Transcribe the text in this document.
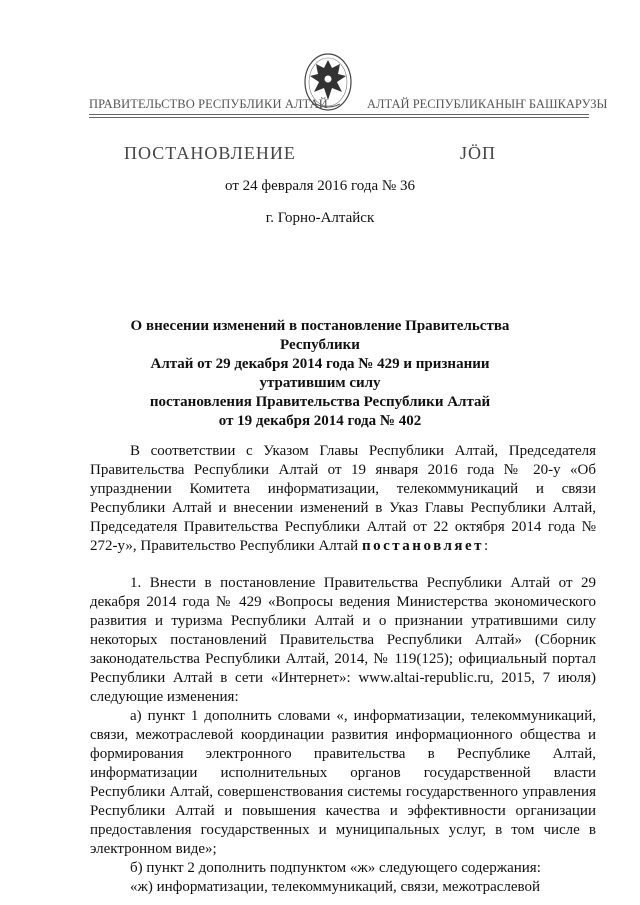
ПРАВИТЕЛЬСТВО РЕСПУБЛИКИ АЛТАЙ	АЛТАЙ РЕСПУБЛИКАНЫҤ БАШКАРУЗЫ
ПОСТАНОВЛЕНИЕ	JÖП
от 24 февраля 2016 года № 36
г. Горно-Алтайск
О внесении изменений в постановление Правительства Республики
Алтай от 29 декабря 2014 года № 429 и признании утратившим силу
постановления Правительства Республики Алтай
от 19 декабря 2014 года № 402

В соответствии с Указом Главы Республики Алтай, Председателя Правительства Республики Алтай от 19 января 2016 года № 20-у «Об упразднении Комитета информатизации, телекоммуникаций и связи Республики Алтай и внесении изменений в Указ Главы Республики Алтай, Председателя Правительства Республики Алтай от 22 октября 2014 года № 272-у», Правительство Республики Алтай постановляет:

1. Внести в постановление Правительства Республики Алтай от 29 декабря 2014 года № 429 «Вопросы ведения Министерства экономического развития и туризма Республики Алтай и о признании утратившими силу некоторых постановлений Правительства Республики Алтай» (Сборник законодательства Республики Алтай, 2014, № 119(125); официальный портал Республики Алтай в сети «Интернет»: www.altai-republic.ru, 2015, 7 июля) следующие изменения:

а) пункт 1 дополнить словами «, информатизации, телекоммуникаций, связи, межотраслевой координации развития информационного общества и формирования электронного правительства в Республике Алтай, информатизации исполнительных органов государственной власти Республики Алтай, совершенствования системы государственного управления Республики Алтай и повышения качества и эффективности организации предоставления государственных и муниципальных услуг, в том числе в электронном виде»;

б) пункт 2 дополнить подпунктом «ж» следующего содержания:

«ж) информатизации, телекоммуникаций, связи, межотраслевой
